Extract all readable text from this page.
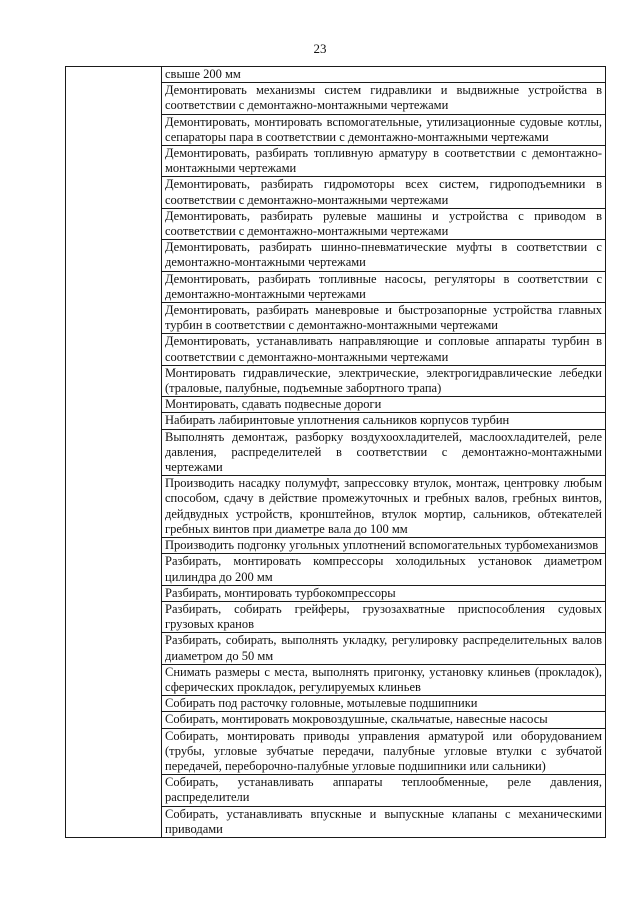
23

свыше 200 мм

Демонтировать механизмы систем гидравлики и выдвижные устройства в соответствии с демонтажно-монтажными чертежами

Демонтировать, монтировать вспомогательные, утилизационные судовые котлы, сепараторы пара в соответствии с демонтажно-монтажными чертежами

Демонтировать, разбирать топливную арматуру в соответствии с демонтажно-монтажными чертежами

Демонтировать, разбирать гидромоторы всех систем, гидроподъемники в соответствии с демонтажно-монтажными чертежами

Демонтировать, разбирать рулевые машины и устройства с приводом в соответствии с демонтажно-монтажными чертежами

Демонтировать, разбирать шинно-пневматические муфты в соответствии с демонтажно-монтажными чертежами

Демонтировать, разбирать топливные насосы, регуляторы в соответствии с демонтажно-монтажными чертежами

Демонтировать, разбирать маневровые и быстрозапорные устройства главных турбин в соответствии с демонтажно-монтажными чертежами

Демонтировать, устанавливать направляющие и сопловые аппараты турбин в соответствии с демонтажно-монтажными чертежами

Монтировать гидравлические, электрические, электрогидравлические лебедки (траловые, палубные, подъемные забортного трапа)

Монтировать, сдавать подвесные дороги

Набирать лабиринтовые уплотнения сальников корпусов турбин

Выполнять демонтаж, разборку воздухоохладителей, маслоохладителей, реле давления, распределителей в соответствии с демонтажно-монтажными чертежами

Производить насадку полумуфт, запрессовку втулок, монтаж, центровку любым способом, сдачу в действие промежуточных и гребных валов, гребных винтов, дейдвудных устройств, кронштейнов, втулок мортир, сальников, обтекателей гребных винтов при диаметре вала до 100 мм

Производить подгонку угольных уплотнений вспомогательных турбомеханизмов

Разбирать, монтировать компрессоры холодильных установок диаметром цилиндра до 200 мм

Разбирать, монтировать турбокомпрессоры

Разбирать, собирать грейферы, грузозахватные приспособления судовых грузовых кранов

Разбирать, собирать, выполнять укладку, регулировку распределительных валов диаметром до 50 мм

Снимать размеры с места, выполнять пригонку, установку клиньев (прокладок), сферических прокладок, регулируемых клиньев

Собирать под расточку головные, мотылевые подшипники

Собирать, монтировать мокровоздушные, скальчатые, навесные насосы

Собирать, монтировать приводы управления арматурой или оборудованием (трубы, угловые зубчатые передачи, палубные угловые втулки с зубчатой передачей, переборочно-палубные угловые подшипники или сальники)

Собирать, устанавливать аппараты теплообменные, реле давления, распределители

Собирать, устанавливать впускные и выпускные клапаны с механическими приводами
